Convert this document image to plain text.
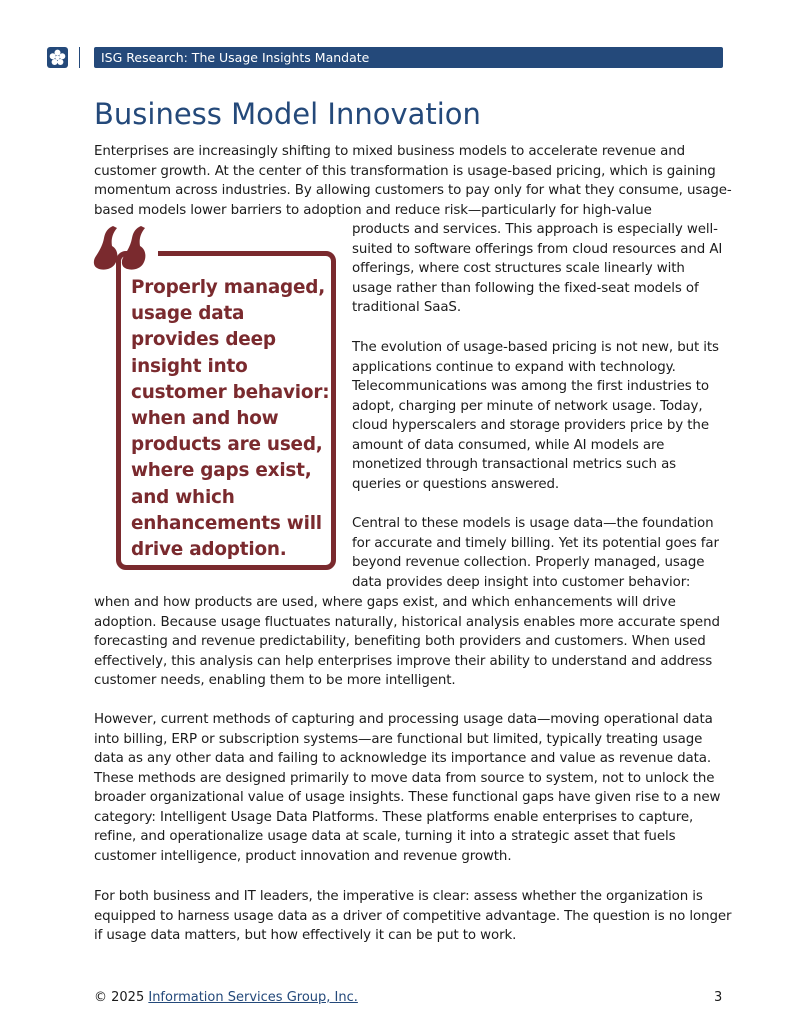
ISG Research: The Usage Insights Mandate
Business Model Innovation

Enterprises are increasingly shifting to mixed business models to accelerate revenue and customer growth. At the center of this transformation is usage-based pricing, which is gaining momentum across industries. By allowing customers to pay only for what they consume, usage-based models lower barriers to adoption and reduce risk—particularly for high-value

Properly managed, usage data provides deep insight into customer behavior: when and how products are used, where gaps exist, and which enhancements will drive adoption.

products and services. This approach is especially well-suited to software offerings from cloud resources and AI offerings, where cost structures scale linearly with usage rather than following the fixed-seat models of traditional SaaS.

The evolution of usage-based pricing is not new, but its applications continue to expand with technology. Telecommunications was among the first industries to adopt, charging per minute of network usage. Today, cloud hyperscalers and storage providers price by the amount of data consumed, while AI models are monetized through transactional metrics such as queries or questions answered.

Central to these models is usage data—the foundation for accurate and timely billing. Yet its potential goes far beyond revenue collection. Properly managed, usage data provides deep insight into customer behavior:

when and how products are used, where gaps exist, and which enhancements will drive adoption. Because usage fluctuates naturally, historical analysis enables more accurate spend forecasting and revenue predictability, benefiting both providers and customers. When used effectively, this analysis can help enterprises improve their ability to understand and address customer needs, enabling them to be more intelligent.

However, current methods of capturing and processing usage data—moving operational data into billing, ERP or subscription systems—are functional but limited, typically treating usage data as any other data and failing to acknowledge its importance and value as revenue data. These methods are designed primarily to move data from source to system, not to unlock the broader organizational value of usage insights. These functional gaps have given rise to a new category: Intelligent Usage Data Platforms. These platforms enable enterprises to capture, refine, and operationalize usage data at scale, turning it into a strategic asset that fuels customer intelligence, product innovation and revenue growth.

For both business and IT leaders, the imperative is clear: assess whether the organization is equipped to harness usage data as a driver of competitive advantage. The question is no longer if usage data matters, but how effectively it can be put to work.

© 2025 Information Services Group, Inc.	3
